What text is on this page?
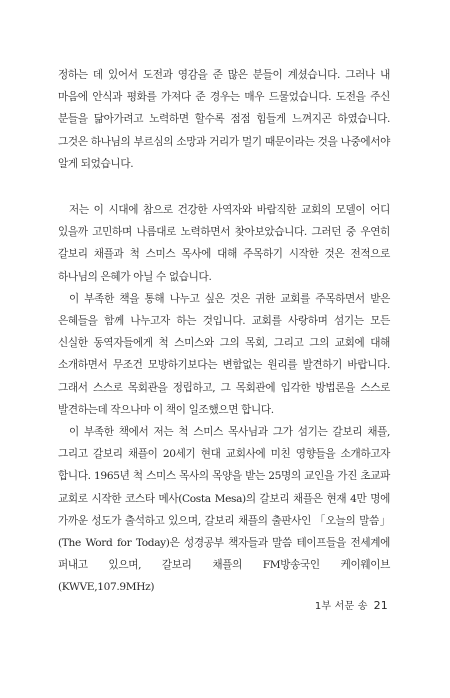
정하는 데 있어서 도전과 영감을 준 많은 분들이 계셨습니다. 그러나 내 마음에 안식과 평화를 가져다 준 경우는 매우 드물었습니다. 도전을 주신 분들을 닮아가려고 노력하면 할수록 점점 힘들게 느껴지곤 하였습니다. 그것은 하나님의 부르심의 소망과 거리가 멀기 때문이라는 것을 나중에서야 알게 되었습니다.

저는 이 시대에 참으로 건강한 사역자와 바람직한 교회의 모델이 어디 있을까 고민하며 나름대로 노력하면서 찾아보았습니다. 그러던 중 우연히 갈보리 채플과 척 스미스 목사에 대해 주목하기 시작한 것은 전적으로 하나님의 은혜가 아닐 수 없습니다.

이 부족한 책을 통해 나누고 싶은 것은 귀한 교회를 주목하면서 받은 은혜들을 함께 나누고자 하는 것입니다. 교회를 사랑하며 섬기는 모든 신실한 동역자들에게 척 스미스와 그의 목회, 그리고 그의 교회에 대해 소개하면서 무조건 모방하기보다는 변함없는 원리를 발견하기 바랍니다. 그래서 스스로 목회관을 정립하고, 그 목회관에 입각한 방법론을 스스로 발견하는데 작으나마 이 책이 일조했으면 합니다.

이 부족한 책에서 저는 척 스미스 목사님과 그가 섬기는 갈보리 채플, 그리고 갈보리 채플이 20세기 현대 교회사에 미친 영향들을 소개하고자 합니다. 1965년 척 스미스 목사의 목양을 받는 25명의 교인을 가진 초교파 교회로 시작한 코스타 메사(Costa Mesa)의 갈보리 채플은 현재 4만 명에 가까운 성도가 출석하고 있으며, 갈보리 채플의 출판사인 「오늘의 말씀」(The Word for Today)은 성경공부 책자들과 말씀 테이프들을 전세계에 퍼내고 있으며, 갈보리 채플의 FM방송국인 케이웨이브(KWVE,107.9MHz)

1부 서문 송 21
